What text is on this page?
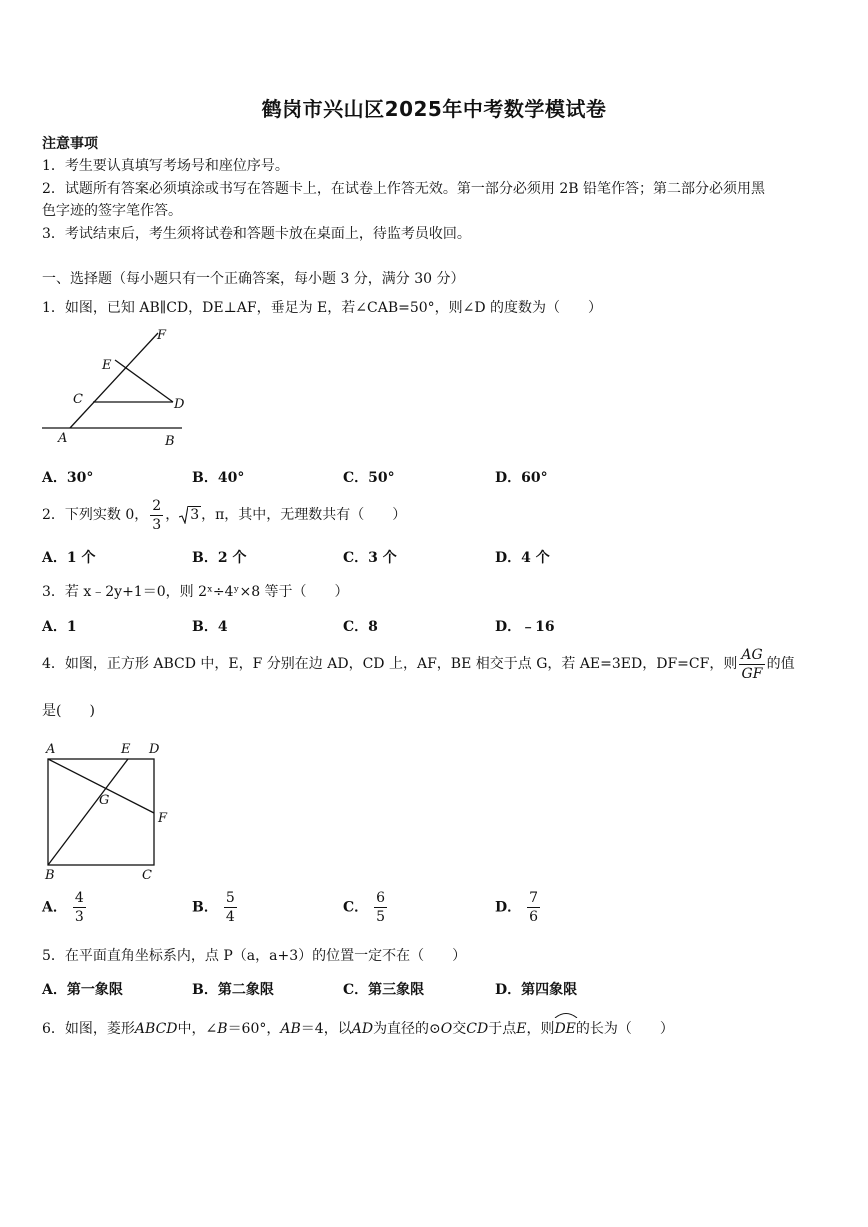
鹤岗市兴山区2025年中考数学模试卷
注意事项
1．考生要认真填写考场号和座位序号。
2．试题所有答案必须填涂或书写在答题卡上，在试卷上作答无效。第一部分必须用 2B 铅笔作答；第二部分必须用黑
色字迹的签字笔作答。
3．考试结束后，考生须将试卷和答题卡放在桌面上，待监考员收回。
一、选择题（每小题只有一个正确答案，每小题 3 分，满分 30 分）
1．如图，已知 AB∥CD，DE⊥AF，垂足为 E，若∠CAB=50°，则∠D 的度数为（　　）
F
E
C	D
A	B
A．30°	B．40°	C．50°	D．60°
2．下列实数 0， $\frac{2}{3}$ ， 3 ，π，其中，无理数共有（　　）
A．1 个	B．2 个	C．3 个	D．4 个
3．若 x﹣2y+1＝0，则 2ˣ÷4ʸ×8 等于（　　）
A．1	B．4	C．8	D．﹣16
4．如图，正方形 ABCD 中，E，F 分别在边 AD，CD 上，AF，BE 相交于点 G，若 AE=3ED，DF=CF，则 $\frac{AG}{GF}$ 的值
是(　　)
A	E D
G
F
B	C
A． $\frac{4}{3}$	B． $\frac{5}{4}$	C． $\frac{6}{5}$	D． $\frac{7}{6}$
5．在平面直角坐标系内，点 P（a，a+3）的位置一定不在（　　）
A．第一象限	B．第二象限	C．第三象限	D．第四象限
6．如图，菱形ABCD中，∠B＝60°，AB＝4，以AD为直径的⊙O交CD于点E，则
DE的长为（　　）
